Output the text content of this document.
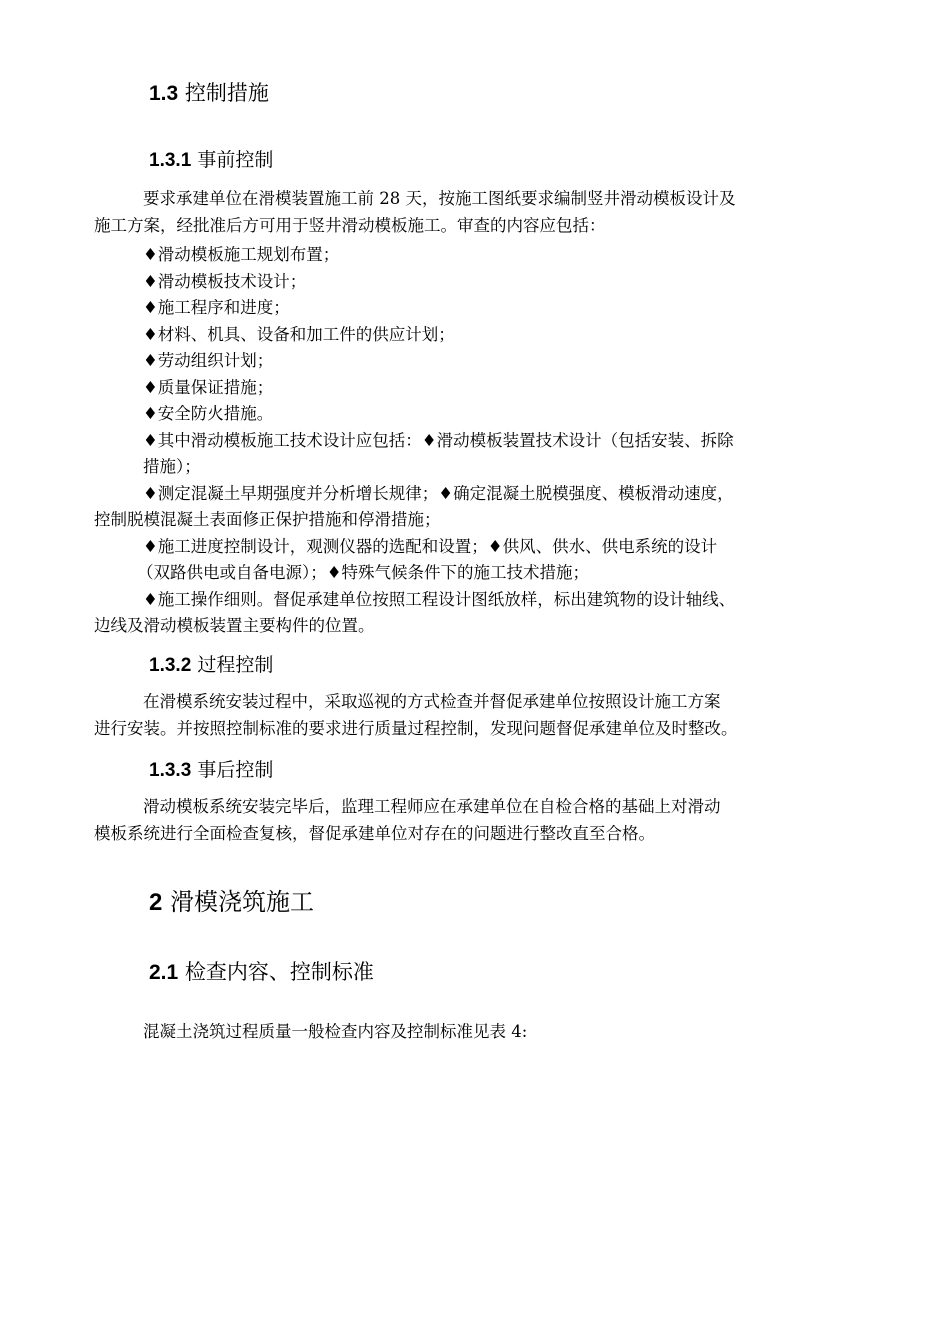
1.3 控制措施
1.3.1 事前控制
要求承建单位在滑模装置施工前 28 天，按施工图纸要求编制竖井滑动模板设计及
施工方案，经批准后方可用于竖井滑动模板施工。审查的内容应包括：
♦滑动模板施工规划布置；
♦滑动模板技术设计；
♦施工程序和进度；
♦材料、机具、设备和加工件的供应计划；
♦劳动组织计划；
♦质量保证措施；
♦安全防火措施。
♦其中滑动模板施工技术设计应包括：♦滑动模板装置技术设计（包括安装、拆除
措施）；
♦测定混凝土早期强度并分析增长规律；♦确定混凝土脱模强度、模板滑动速度，
控制脱模混凝土表面修正保护措施和停滑措施；
♦施工进度控制设计，观测仪器的选配和设置；♦供风、供水、供电系统的设计
（双路供电或自备电源）；♦特殊气候条件下的施工技术措施；
♦施工操作细则。督促承建单位按照工程设计图纸放样，标出建筑物的设计轴线、
边线及滑动模板装置主要构件的位置。
1.3.2 过程控制
在滑模系统安装过程中，采取巡视的方式检查并督促承建单位按照设计施工方案
进行安装。并按照控制标准的要求进行质量过程控制，发现问题督促承建单位及时整改。
1.3.3 事后控制
滑动模板系统安装完毕后，监理工程师应在承建单位在自检合格的基础上对滑动
模板系统进行全面检查复核，督促承建单位对存在的问题进行整改直至合格。
2 滑模浇筑施工
2.1 检查内容、控制标准
混凝土浇筑过程质量一般检查内容及控制标准见表 4:
